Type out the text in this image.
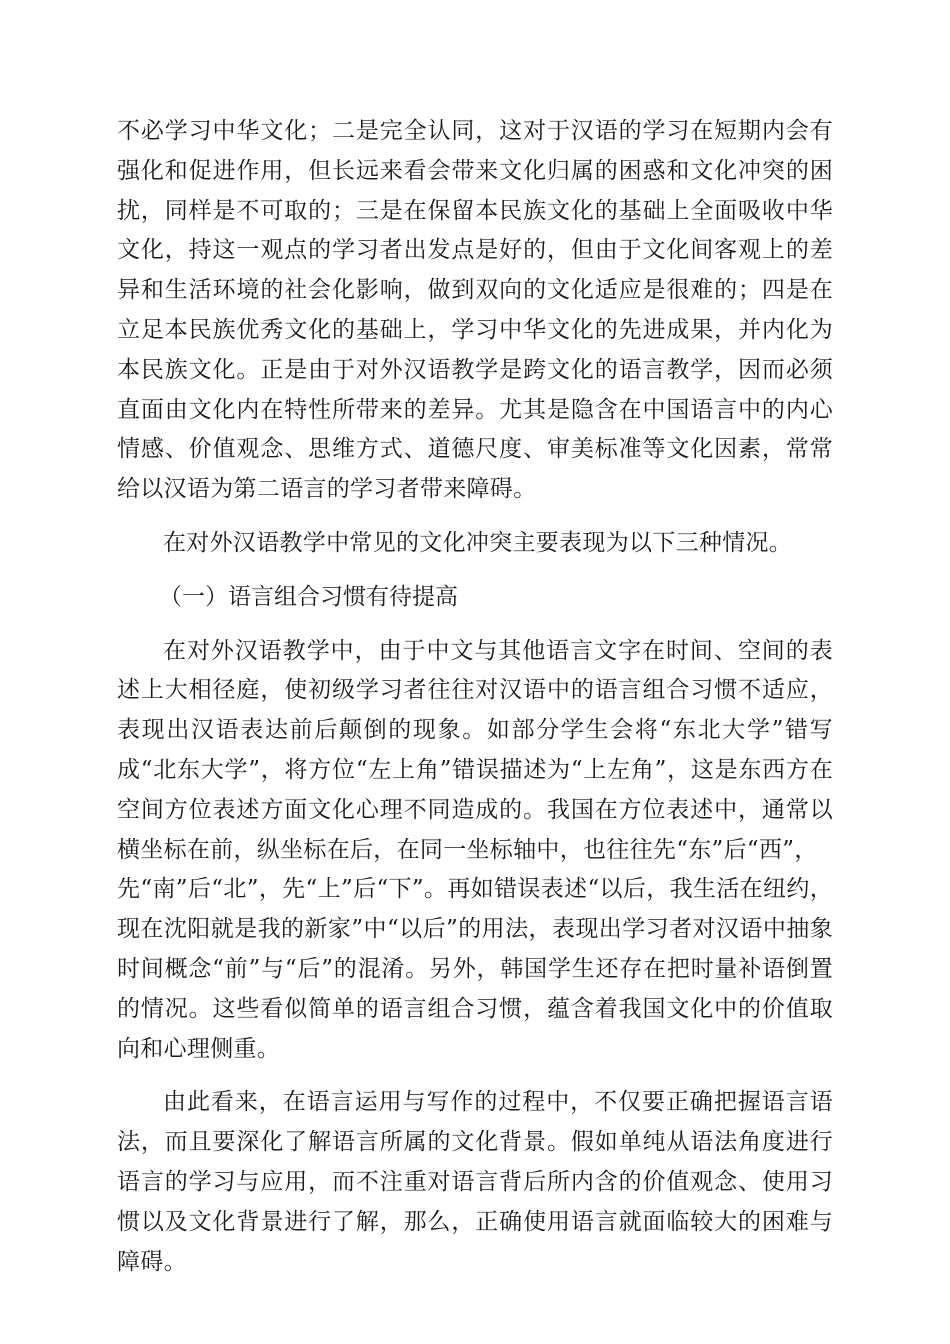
不必学习中华文化；二是完全认同，这对于汉语的学习在短期内会有强化和促进作用，但长远来看会带来文化归属的困惑和文化冲突的困扰，同样是不可取的；三是在保留本民族文化的基础上全面吸收中华文化，持这一观点的学习者出发点是好的，但由于文化间客观上的差异和生活环境的社会化影响，做到双向的文化适应是很难的；四是在立足本民族优秀文化的基础上，学习中华文化的先进成果，并内化为本民族文化。正是由于对外汉语教学是跨文化的语言教学，因而必须直面由文化内在特性所带来的差异。尤其是隐含在中国语言中的内心情感、价值观念、思维方式、道德尺度、审美标准等文化因素，常常给以汉语为第二语言的学习者带来障碍。

在对外汉语教学中常见的文化冲突主要表现为以下三种情况。

（一）语言组合习惯有待提高

在对外汉语教学中，由于中文与其他语言文字在时间、空间的表述上大相径庭，使初级学习者往往对汉语中的语言组合习惯不适应，表现出汉语表达前后颠倒的现象。如部分学生会将“东北大学”错写成“北东大学”，将方位“左上角”错误描述为“上左角”，这是东西方在空间方位表述方面文化心理不同造成的。我国在方位表述中，通常以横坐标在前，纵坐标在后，在同一坐标轴中，也往往先“东”后“西”，

先“南”后“北”，先“上”后“下”。再如错误表述“以后，我生活在纽约，现在沈阳就是我的新家”中“以后”的用法，表现出学习者对汉语中抽象时间概念“前”与“后”的混淆。另外，韩国学生还存在把时量补语倒置的情况。这些看似简单的语言组合习惯，蕴含着我国文化中的价值取向和心理侧重。

由此看来，在语言运用与写作的过程中，不仅要正确把握语言语法，而且要深化了解语言所属的文化背景。假如单纯从语法角度进行语言的学习与应用，而不注重对语言背后所内含的价值观念、使用习惯以及文化背景进行了解，那么，正确使用语言就面临较大的困难与障碍。
